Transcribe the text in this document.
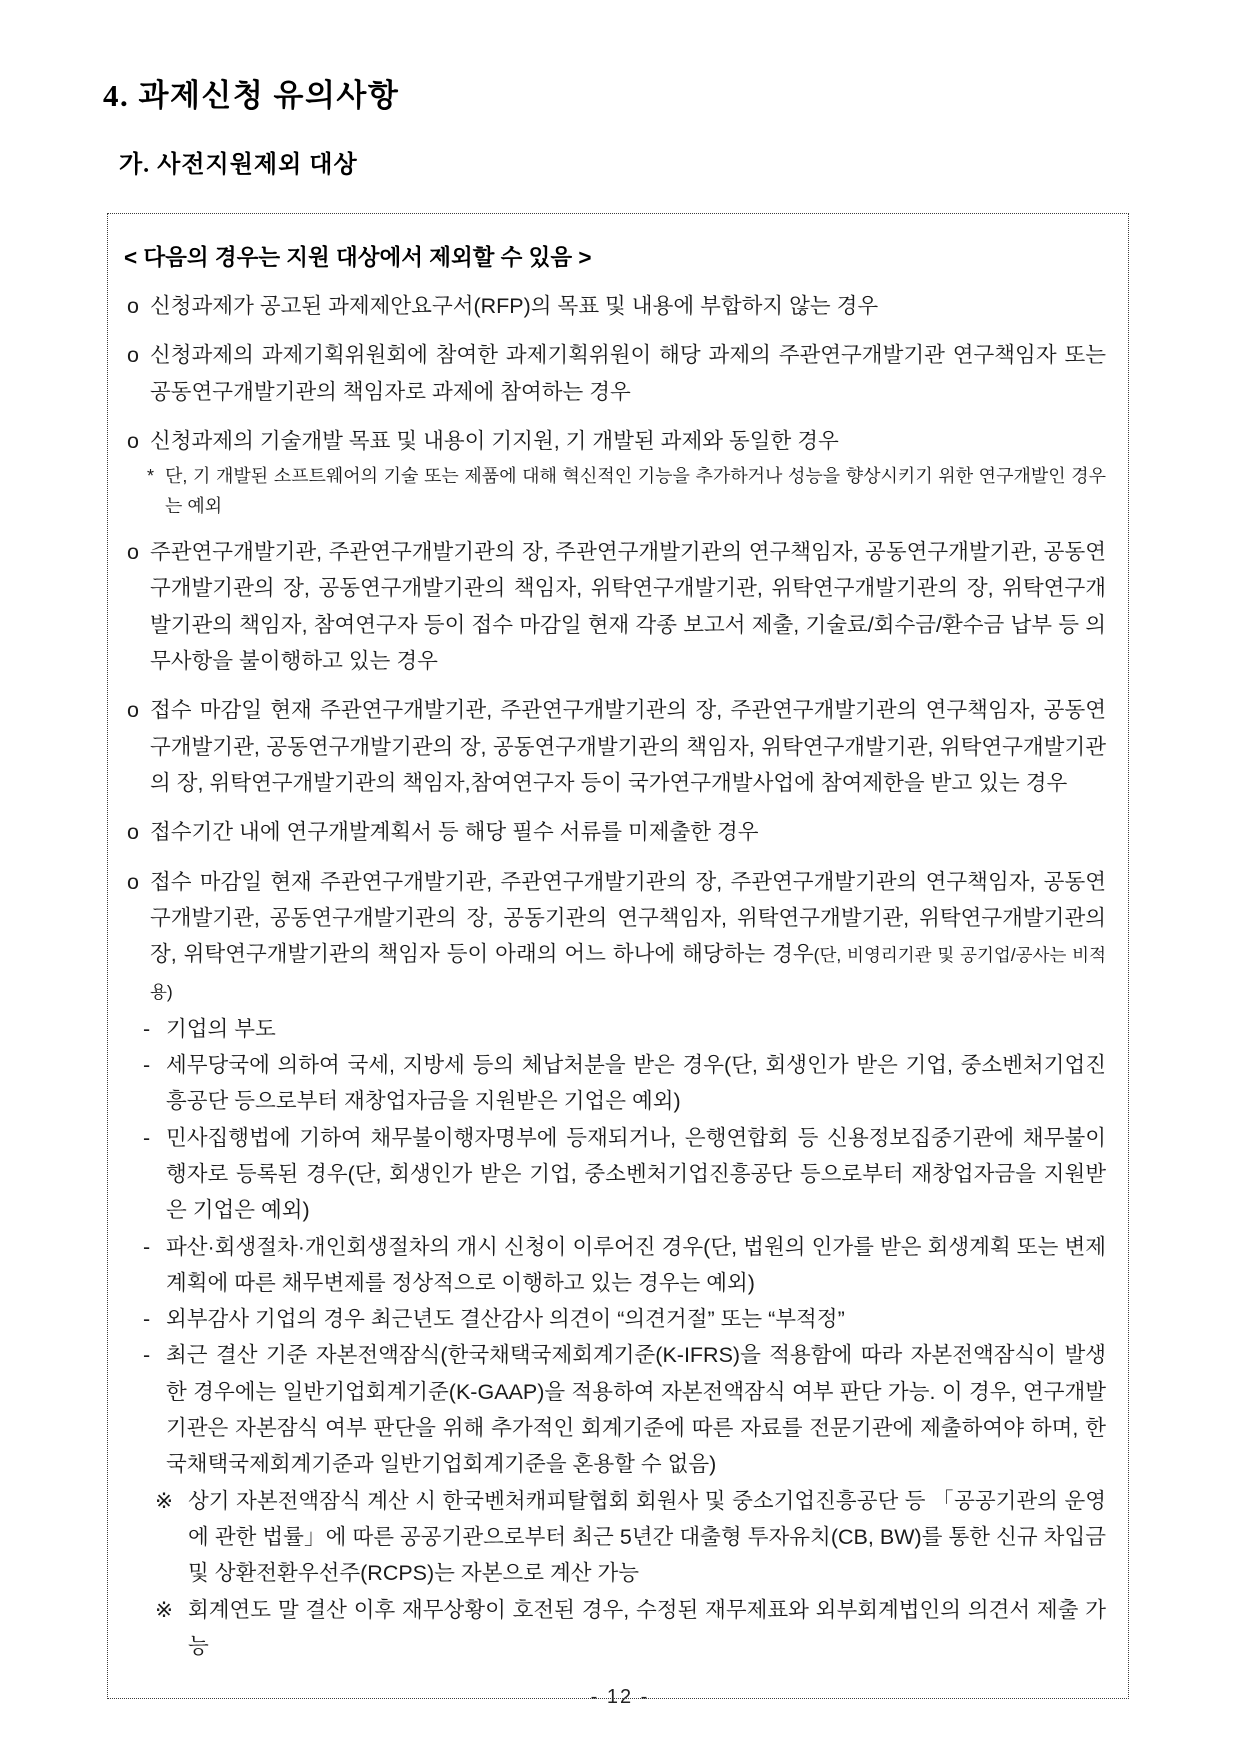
4. 과제신청 유의사항
가. 사전지원제외 대상
< 다음의 경우는 지원 대상에서 제외할 수 있음 >
o 신청과제가 공고된 과제제안요구서(RFP)의 목표 및 내용에 부합하지 않는 경우
o 신청과제의 과제기획위원회에 참여한 과제기획위원이 해당 과제의 주관연구개발기관 연구책임자 또는 공동연구개발기관의 책임자로 과제에 참여하는 경우
o 신청과제의 기술개발 목표 및 내용이 기지원, 기 개발된 과제와 동일한 경우
* 단, 기 개발된 소프트웨어의 기술 또는 제품에 대해 혁신적인 기능을 추가하거나 성능을 향상시키기 위한 연구개발인 경우는 예외
o 주관연구개발기관, 주관연구개발기관의 장, 주관연구개발기관의 연구책임자, 공동연구개발기관, 공동연구개발기관의 장, 공동연구개발기관의 책임자, 위탁연구개발기관, 위탁연구개발기관의 장, 위탁연구개발기관의 책임자, 참여연구자 등이 접수 마감일 현재 각종 보고서 제출, 기술료/회수금/환수금 납부 등 의무사항을 불이행하고 있는 경우
o 접수 마감일 현재 주관연구개발기관, 주관연구개발기관의 장, 주관연구개발기관의 연구책임자, 공동연구개발기관, 공동연구개발기관의 장, 공동연구개발기관의 책임자, 위탁연구개발기관, 위탁연구개발기관의 장, 위탁연구개발기관의 책임자,참여연구자 등이 국가연구개발사업에 참여제한을 받고 있는 경우
o 접수기간 내에 연구개발계획서 등 해당 필수 서류를 미제출한 경우
o 접수 마감일 현재 주관연구개발기관, 주관연구개발기관의 장, 주관연구개발기관의 연구책임자, 공동연구개발기관, 공동연구개발기관의 장, 공동기관의 연구책임자, 위탁연구개발기관, 위탁연구개발기관의 장, 위탁연구개발기관의 책임자 등이 아래의 어느 하나에 해당하는 경우(단, 비영리기관 및 공기업/공사는 비적용)
- 기업의 부도
- 세무당국에 의하여 국세, 지방세 등의 체납처분을 받은 경우(단, 회생인가 받은 기업, 중소벤처기업진흥공단 등으로부터 재창업자금을 지원받은 기업은 예외)
- 민사집행법에 기하여 채무불이행자명부에 등재되거나, 은행연합회 등 신용정보집중기관에 채무불이행자로 등록된 경우(단, 회생인가 받은 기업, 중소벤처기업진흥공단 등으로부터 재창업자금을 지원받은 기업은 예외)
- 파산·회생절차·개인회생절차의 개시 신청이 이루어진 경우(단, 법원의 인가를 받은 회생계획 또는 변제계획에 따른 채무변제를 정상적으로 이행하고 있는 경우는 예외)
- 외부감사 기업의 경우 최근년도 결산감사 의견이 “의견거절” 또는 “부적정”
- 최근 결산 기준 자본전액잠식(한국채택국제회계기준(K-IFRS)을 적용함에 따라 자본전액잠식이 발생한 경우에는 일반기업회계기준(K-GAAP)을 적용하여 자본전액잠식 여부 판단 가능. 이 경우, 연구개발기관은 자본잠식 여부 판단을 위해 추가적인 회계기준에 따른 자료를 전문기관에 제출하여야 하며, 한국채택국제회계기준과 일반기업회계기준을 혼용할 수 없음)
※ 상기 자본전액잠식 계산 시 한국벤처캐피탈협회 회원사 및 중소기업진흥공단 등 「공공기관의 운영에 관한 법률」에 따른 공공기관으로부터 최근 5년간 대출형 투자유치(CB, BW)를 통한 신규 차입금 및 상환전환우선주(RCPS)는 자본으로 계산 가능
※ 회계연도 말 결산 이후 재무상황이 호전된 경우, 수정된 재무제표와 외부회계법인의 의견서 제출 가능
- 12 -
